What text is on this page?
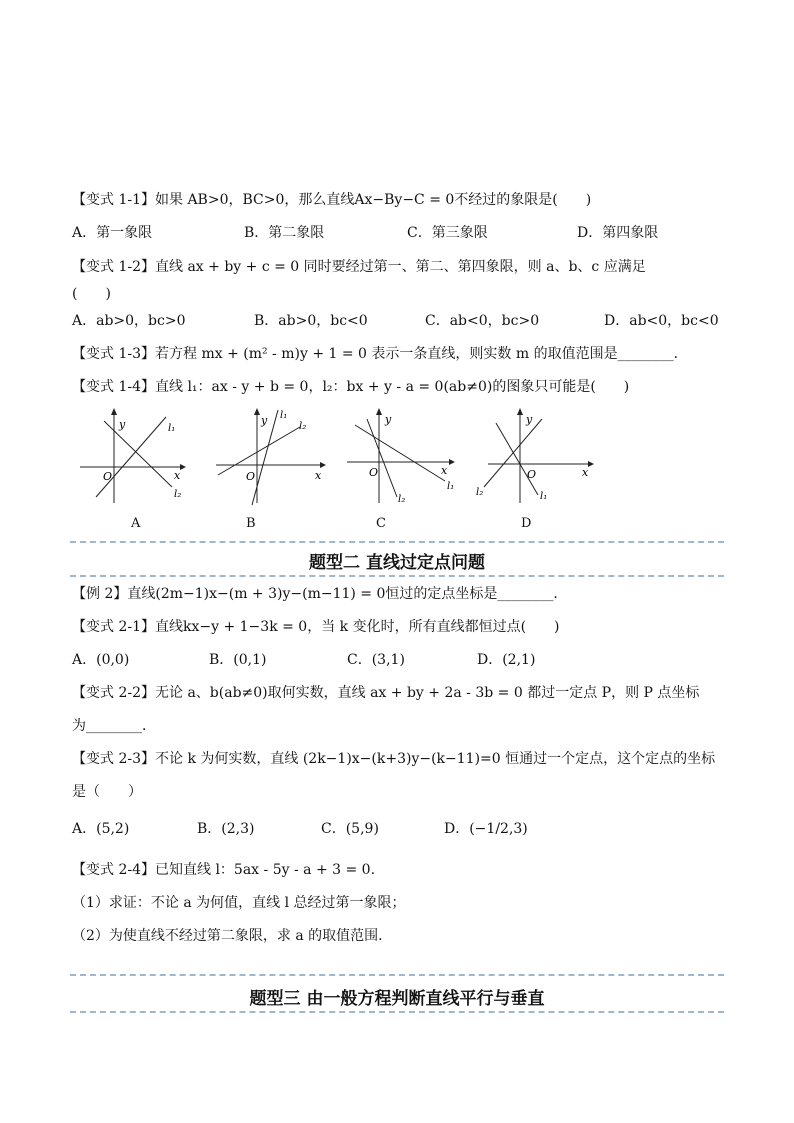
【变式 1-1】如果 AB>0，BC>0，那么直线Ax−By−C = 0不经过的象限是(　　)
A．第一象限	B．第二象限	C．第三象限	D．第四象限
【变式 1-2】直线 ax + by + c = 0 同时要经过第一、第二、第四象限，则 a、b、c 应满足
(　　)
A．ab>0，bc>0	B．ab>0，bc<0	C．ab<0，bc>0	D．ab<0，bc<0
【变式 1-3】若方程 mx + (m² - m)y + 1 = 0 表示一条直线，则实数 m 的取值范围是________．
【变式 1-4】直线 l₁：ax - y + b = 0，l₂：bx + y - a = 0(ab≠0)的图象只可能是(　　)
y
x
O
l₁
l₂
A
y
x
O
l₁
l₂
B
y
x
O
l₁
l₂
C
y
x
O
l₁
l₂
D
题型二 直线过定点问题
【例 2】直线(2m−1)x−(m + 3)y−(m−11) = 0恒过的定点坐标是________．
【变式 2-1】直线kx−y + 1−3k = 0，当 k 变化时，所有直线都恒过点(　　)
A．(0,0)	B．(0,1)	C．(3,1)	D．(2,1)
【变式 2-2】无论 a、b(ab≠0)取何实数，直线 ax + by + 2a - 3b = 0 都过一定点 P，则 P 点坐标
为________．
【变式 2-3】不论 k 为何实数，直线 (2k−1)x−(k+3)y−(k−11)=0 恒通过一个定点，这个定点的坐标
是（　　）
A．(5,2)	B．(2,3)	C．(5,9)	D．(−1/2,3)
【变式 2-4】已知直线 l：5ax - 5y - a + 3 = 0.
（1）求证：不论 a 为何值，直线 l 总经过第一象限；
（2）为使直线不经过第二象限，求 a 的取值范围．
题型三 由一般方程判断直线平行与垂直
